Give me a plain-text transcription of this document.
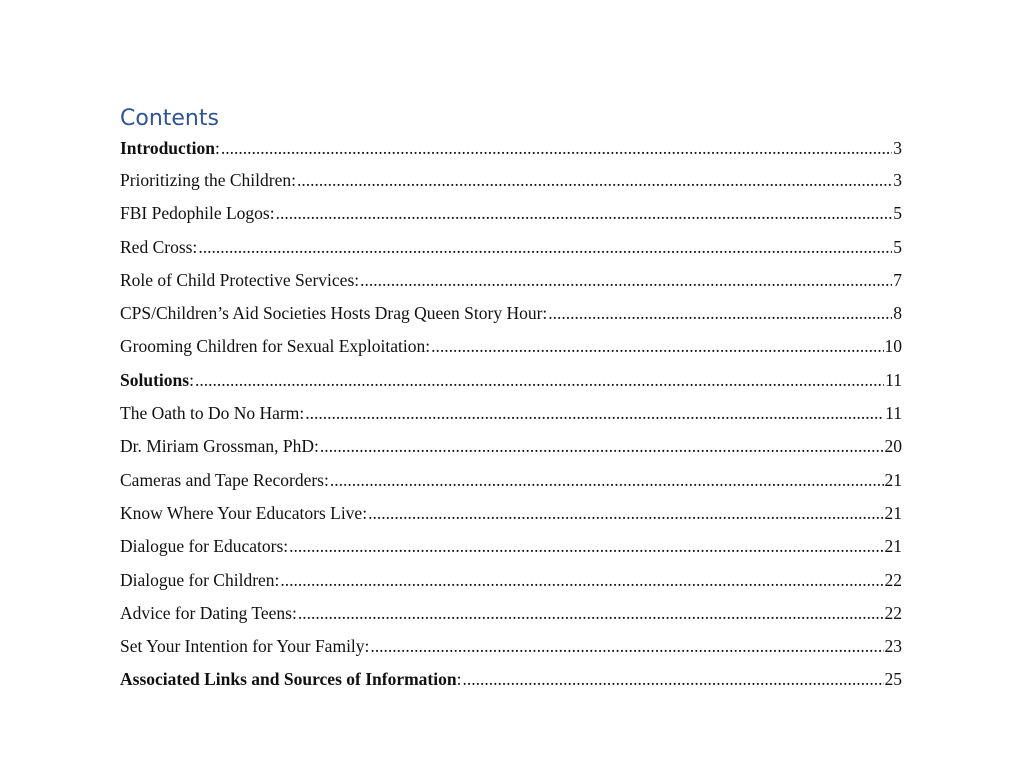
Contents
Introduction: .....	3
Prioritizing the Children: .....	3
FBI Pedophile Logos: .....	5
Red Cross: .....	5
Role of Child Protective Services: .....	7
CPS/Children’s Aid Societies Hosts Drag Queen Story Hour: .....	8
Grooming Children for Sexual Exploitation: .....	10
Solutions: .....	11
The Oath to Do No Harm: .....	11
Dr. Miriam Grossman, PhD: .....	20
Cameras and Tape Recorders: .....	21
Know Where Your Educators Live: .....	21
Dialogue for Educators: .....	21
Dialogue for Children: .....	22
Advice for Dating Teens: .....	22
Set Your Intention for Your Family: .....	23
Associated Links and Sources of Information: .....	25
